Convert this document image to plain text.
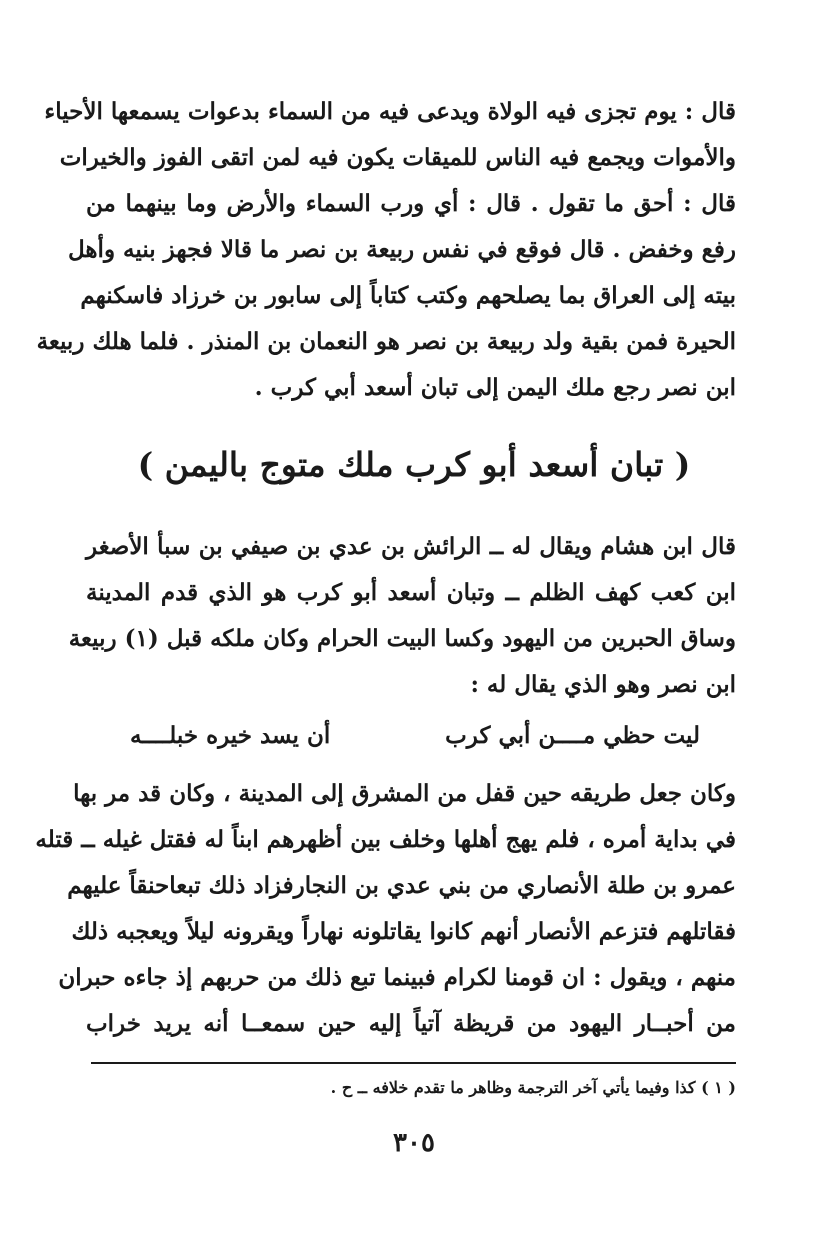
قال : يوم تجزى فيه الولاة ويدعى فيه من السماء بدعوات يسمعها الأحياء
والأموات ويجمع فيه الناس للميقات يكون فيه لمن اتقى الفوز والخيرات
قال : أحق ما تقول . قال : أي ورب السماء والأرض وما بينهما من
رفع وخفض . قال فوقع في نفس ربيعة بن نصر ما قالا فجهز بنيه وأهل
بيته إلى العراق بما يصلحهم وكتب كتاباً إلى سابور بن خرزاد فاسكنهم
الحيرة فمن بقية ولد ربيعة بن نصر هو النعمان بن المنذر . فلما هلك ربيعة
ابن نصر رجع ملك اليمن إلى تبان أسعد أبي كرب .
( تبان أسعد أبو كرب ملك متوج باليمن )
قال ابن هشام ويقال له ــ الرائش بن عدي بن صيفي بن سبأ الأصغر
ابن كعب كهف الظلم ــ وتبان أسعد أبو كرب هو الذي قدم المدينة
وساق الحبرين من اليهود وكسا البيت الحرام وكان ملكه قبل (١) ربيعة
ابن نصر وهو الذي يقال له :
ليت حظي مــــن أبي كرب
أن يسد خيره خبلــــه
وكان جعل طريقه حين قفل من المشرق إلى المدينة ، وكان قد مر بها
في بداية أمره ، فلم يهج أهلها وخلف بين أظهرهم ابناً له فقتل غيله ــ قتله
عمرو بن طلة الأنصاري من بني عدي بن النجارفزاد ذلك تبعاحنقاً عليهم
فقاتلهم فتزعم الأنصار أنهم كانوا يقاتلونه نهاراً ويقرونه ليلاً ويعجبه ذلك
منهم ، ويقول : ان قومنا لكرام فبينما تبع ذلك من حربهم إذ جاءه حبران
من أحبــار اليهود من قريظة آتياً إليه حين سمعــا أنه يريد خراب
( ١ ) كذا وفيما يأتي آخر الترجمة وظاهر ما تقدم خلافه ــ ح .
٣٠٥
